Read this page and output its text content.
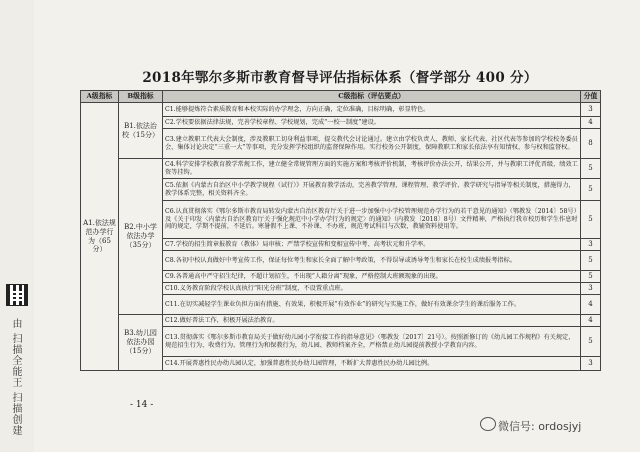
由 扫描全能王 扫描创建
2018年鄂尔多斯市教育督导评估指标体系（督学部分 400 分）
A级指标	B级指标	C级指标（评估要点）	分值
A1.依法规范办学行为（65分）	B1.依法治校（15分）	C1.能够提炼符合素质教育和本校实际的办学理念，方向正确，定位准确，目标明确，彰显特色。	3
		C2.学校要依据法律法规，完善学校章程、学校规划，完成“一校一制度”建设。	4
		C3.建立教职工代表大会制度，涉及教职工切身利益事项，提交教代会讨论通过。建立由学校负责人、教师、家长代表、社区代表等参加的学校校务委员会，集体讨论决定“三重一大”等事项，充分发挥学校组织的监督保障作用。实行校务公开制度，保障教职工和家长依法享有知情权、参与权和监督权。	8
	B2.中小学依法办学（35分）	C4.科学安排学校教育教学常规工作，建立健全常规管理方面的实施方案和考核评价机制，考核评价办法公开，结果公开，并与教职工评优晋级、绩效工资等挂钩。	5
		C5.依据《内蒙古自治区中小学教学规程（试行）》开展教育教学活动，完善教学管理、课程管理、教学评价、教学研究与指导等相关制度，措施得力，教学体系完整，相关资料齐全。	5
		C6.认真贯彻落实《鄂尔多斯市教育局转发内蒙古自治区教育厅关于进一步加强中小学校管理规范办学行为的若干意见的通知》（鄂教发〔2014〕58号）及《关于印发〈内蒙古自治区教育厅关于强化规范中小学办学行为的规定〉的通知》（内教发〔2018〕8号）文件精神，严格执行我市校历和学生作息时间的规定，学期不提前，不延后。寒暑假不上课、不补课、不办班，规范考试科目与次数，教辅资料使用等。	5
		C7.学校的招生简章报教育（教体）局审核；严禁学校宣传和变相宣传中考、高考状元和升学率。	3
		C8.各初中校认真做好中考宣传工作，保证每位考生和家长全面了解中考政策，不得误导或诱导考生和家长在校生成绩报考指标。	5
		C9.各普通高中严守招生纪律，不超计划招生，不出现“人籍分离”现象，严格控制大班额现象的出现。	5
		C10.义务教育阶段学校认真执行“阳光分班”制度，不设置重点班。	3
		C11.在切实减轻学生课业负担方面有措施、有效果，积极开展“有效作业”的研究与实施工作，做好有效课余学生的课后服务工作。	4
	B3.幼儿园依法办园（15分）	C12.做好普法工作，积极开展法治教育。	4
		C13.贯彻落实《鄂尔多斯市教育局关于做好幼儿园小学衔接工作的指导意见》（鄂教发〔2017〕21号）。按照新修订的《幼儿园工作规程》有关规定，规范招生行为、收费行为、管理行为和保教行为，幼儿园、教师档案齐全，严格禁止幼儿园提前教授小学教育内容。	5
		C14.开展普惠性民办幼儿园认定，加强普惠性民办幼儿园管理，不断扩大普惠性民办幼儿园比例。	3
- 14 -
微信号: ordosjyj
